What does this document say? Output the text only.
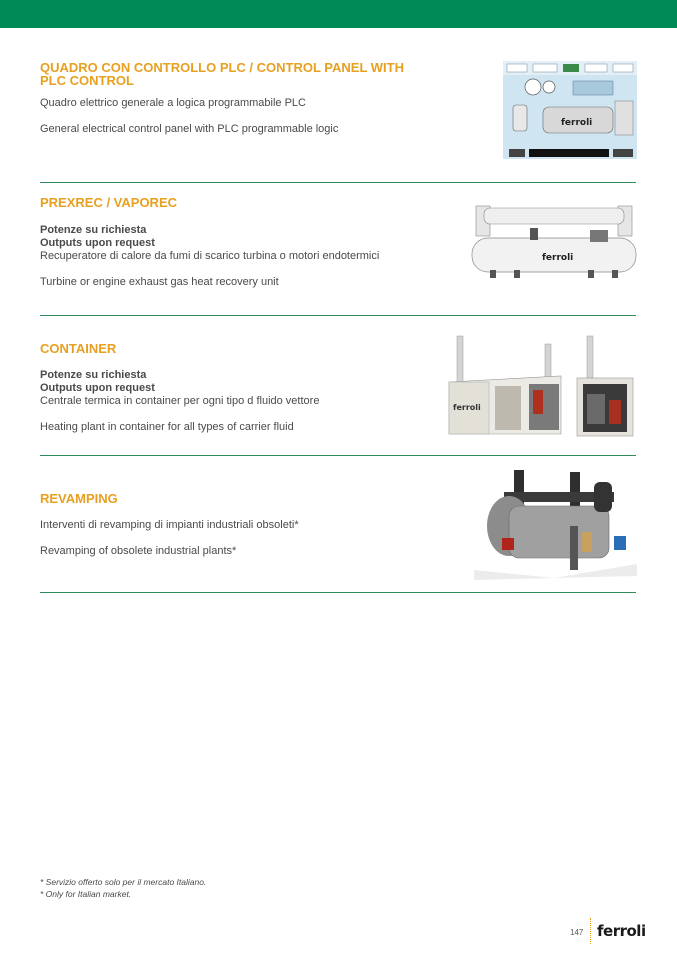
QUADRO CON CONTROLLO PLC / CONTROL PANEL WITH PLC CONTROL

Quadro elettrico generale a logica programmabile PLC

General electrical control panel with PLC programmable logic	ferroli
PREXREC / VAPOREC

Potenze su richiesta

Outputs upon request

Recuperatore di calore da fumi di scarico turbina o motori endotermici

Turbine or engine exhaust gas heat recovery unit

ferroli
CONTAINER

Potenze su richiesta

Outputs upon request

Centrale termica in container per ogni tipo d fluido vettore

Heating plant in container for all types of carrier fluid

ferroli
REVAMPING

Interventi di revamping di impianti industriali obsoleti*

Revamping of obsolete industrial plants*

* Servizio offerto solo per il mercato Italiano.
* Only for Italian market.
147 ferroli
